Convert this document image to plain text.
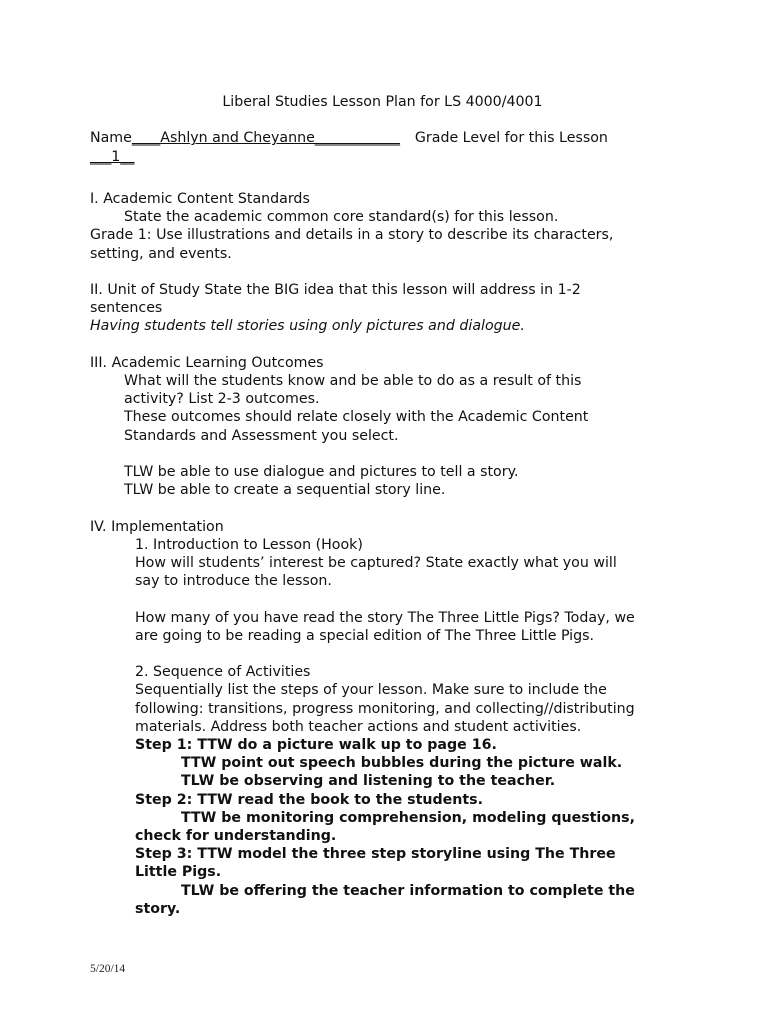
Liberal Studies Lesson Plan for LS 4000/4001
Name____Ashlyn and Cheyanne____________ Grade Level for this Lesson
___1__
I. Academic Content Standards
State the academic common core standard(s) for this lesson.
Grade 1: Use illustrations and details in a story to describe its characters,
setting, and events.
II. Unit of Study State the BIG idea that this lesson will address in 1-2
sentences
Having students tell stories using only pictures and dialogue.
III. Academic Learning Outcomes
What will the students know and be able to do as a result of this
activity? List 2-3 outcomes.
These outcomes should relate closely with the Academic Content
Standards and Assessment you select.
TLW be able to use dialogue and pictures to tell a story.
TLW be able to create a sequential story line.
IV. Implementation
1. Introduction to Lesson (Hook)
How will students’ interest be captured? State exactly what you will
say to introduce the lesson.
How many of you have read the story The Three Little Pigs? Today, we
are going to be reading a special edition of The Three Little Pigs.
2. Sequence of Activities
Sequentially list the steps of your lesson. Make sure to include the
following: transitions, progress monitoring, and collecting//distributing
materials. Address both teacher actions and student activities.
Step 1: TTW do a picture walk up to page 16.
TTW point out speech bubbles during the picture walk.
TLW be observing and listening to the teacher.
Step 2: TTW read the book to the students.
TTW be monitoring comprehension, modeling questions,
check for understanding.
Step 3: TTW model the three step storyline using The Three
Little Pigs.
TLW be offering the teacher information to complete the
story.
5/20/14
